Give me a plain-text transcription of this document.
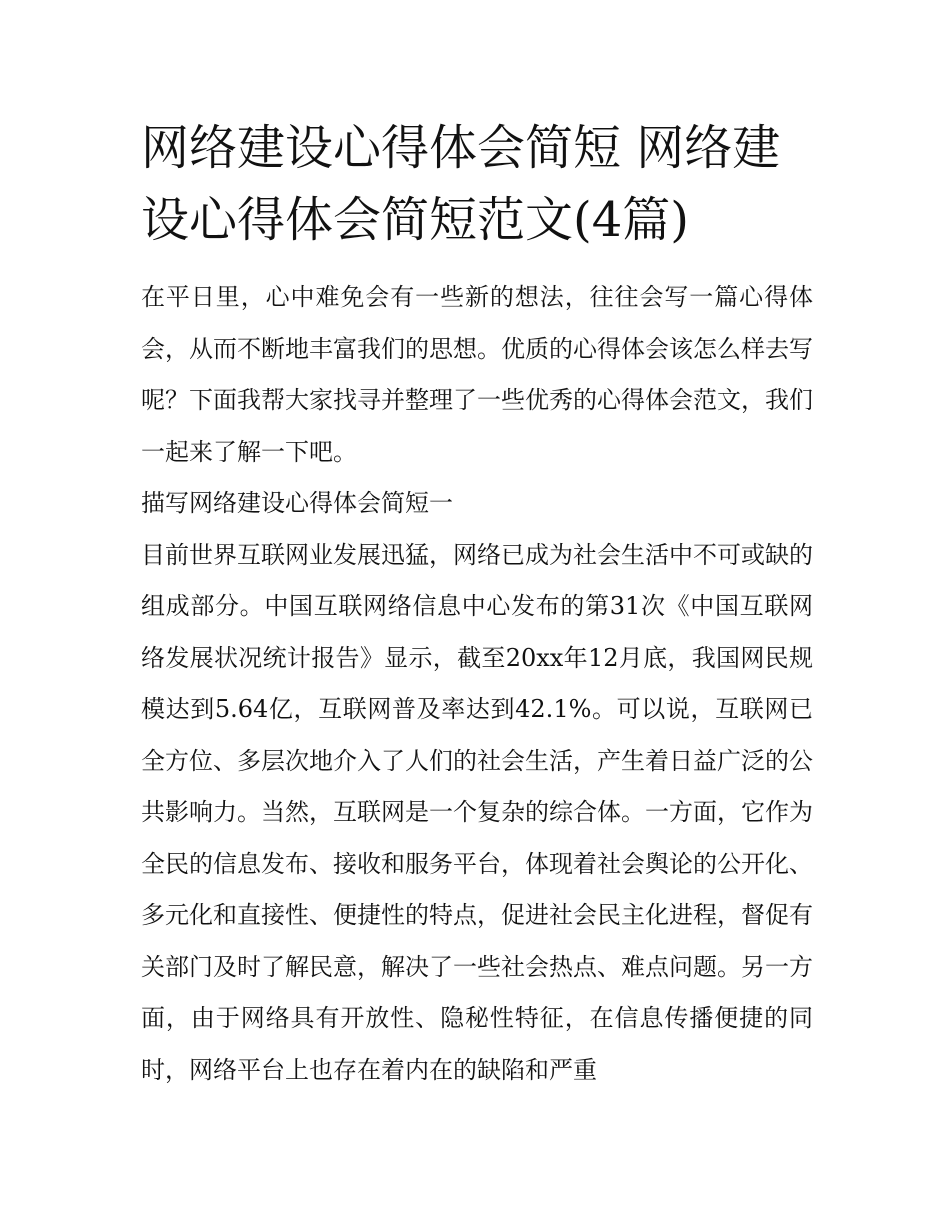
网络建设心得体会简短 网络建设心得体会简短范文(4篇)

在平日里，心中难免会有一些新的想法，往往会写一篇心得体会，从而不断地丰富我们的思想。优质的心得体会该怎么样去写呢？下面我帮大家找寻并整理了一些优秀的心得体会范文，我们一起来了解一下吧。

描写网络建设心得体会简短一

目前世界互联网业发展迅猛，网络已成为社会生活中不可或缺的组成部分。中国互联网络信息中心发布的第31次《中国互联网络发展状况统计报告》显示，截至20xx年12月底，我国网民规模达到5.64亿，互联网普及率达到42.1%。可以说，互联网已全方位、多层次地介入了人们的社会生活，产生着日益广泛的公共影响力。当然，互联网是一个复杂的综合体。一方面，它作为全民的信息发布、接收和服务平台，体现着社会舆论的公开化、多元化和直接性、便捷性的特点，促进社会民主化进程，督促有关部门及时了解民意，解决了一些社会热点、难点问题。另一方面，由于网络具有开放性、隐秘性特征，在信息传播便捷的同时，网络平台上也存在着内在的缺陷和严重
